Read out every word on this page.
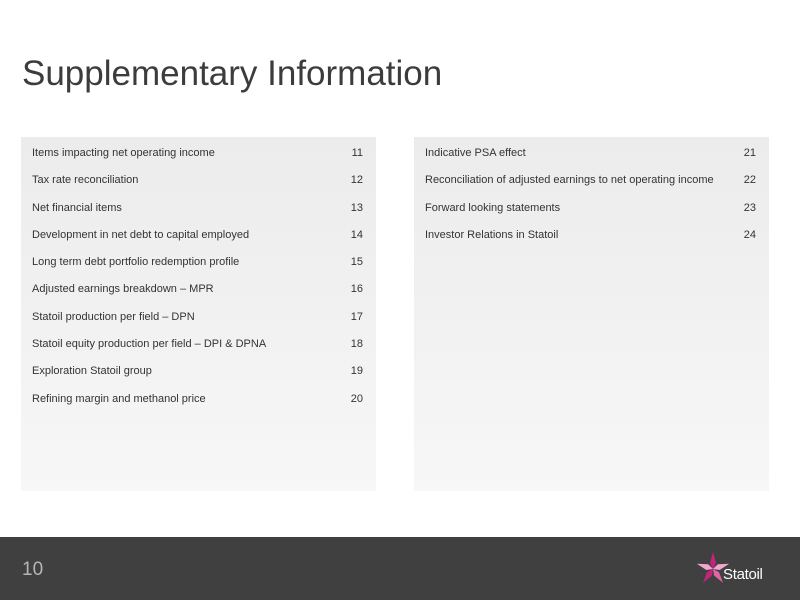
Supplementary Information
Items impacting net operating income	11
Tax rate reconciliation	12
Net financial items	13
Development in net debt to capital employed	14
Long term debt portfolio redemption profile	15
Adjusted earnings breakdown – MPR	16
Statoil production per field – DPN	17
Statoil equity production per field – DPI & DPNA	18
Exploration Statoil group	19
Refining margin and methanol price	20
Indicative PSA effect	21
Reconciliation of adjusted earnings to net operating income	22
Forward looking statements	23
Investor Relations in Statoil	24
10	Statoil
